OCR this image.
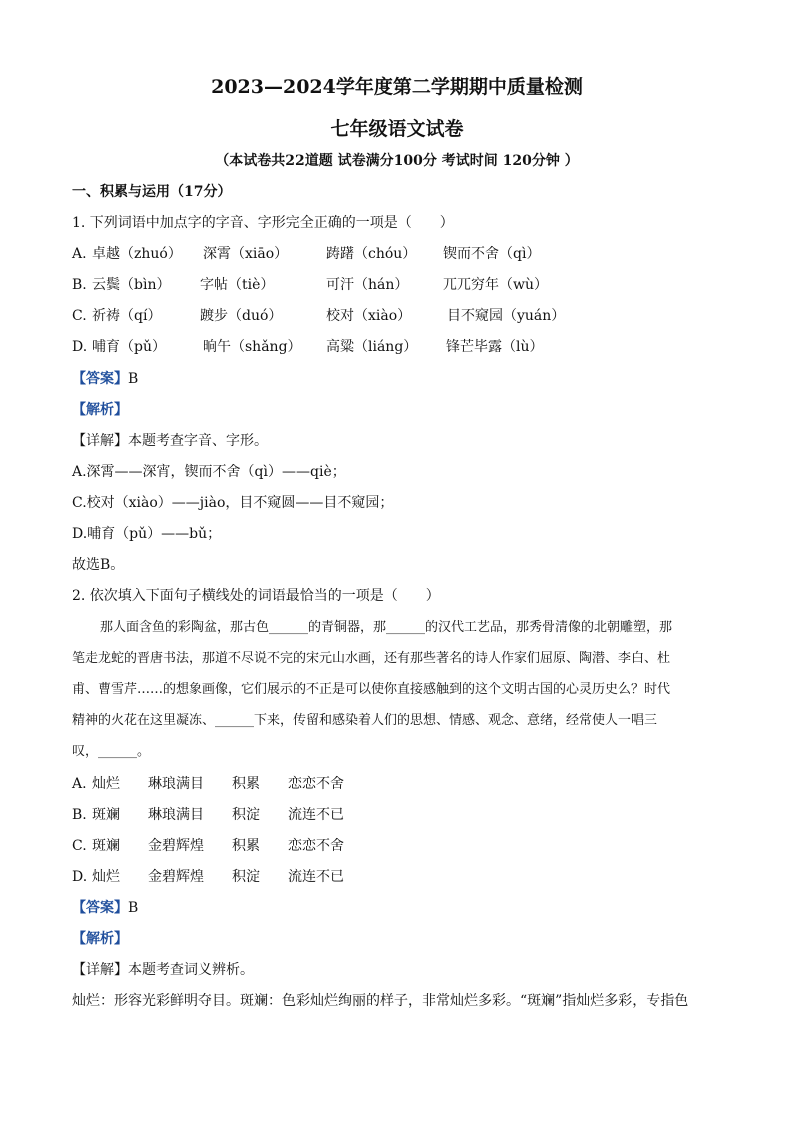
2023—2024学年度第二学期期中质量检测
七年级语文试卷
（本试卷共22道题 试卷满分100分 考试时间 120分钟 ）
一、积累与运用（17分）
1. 下列词语中加点字的字音、字形完全正确的一项是（　　）
A. 卓越（zhuó） 深霄（xiāo）	踌躇（chóu） 锲而不舍（qì）
B. 云鬓（bìn） 字帖（tiè）	可汗（hán） 兀兀穷年（wù）
C. 祈祷（qí）	踱步（duó）	校对（xiào）	目不窥园（yuán）
D. 哺育（pǔ）	晌午（shǎng） 高粱（liáng） 锋芒毕露（lù）
【答案】B
【解析】
【详解】本题考查字音、字形。
A.深霄——深宵，锲而不舍（qì）——qiè；
C.校对（xiào）——jiào，目不窥圆——目不窥园；
D.哺育（pǔ）——bǔ；
故选B。
2. 依次填入下面句子横线处的词语最恰当的一项是（　　）

那人面含鱼的彩陶盆，那古色______的青铜器，那______的汉代工艺品，那秀骨清像的北朝雕塑，那

笔走龙蛇的晋唐书法，那道不尽说不完的宋元山水画，还有那些著名的诗人作家们屈原、陶潜、李白、杜

甫、曹雪芹……的想象画像，它们展示的不正是可以使你直接感触到的这个文明古国的心灵历史么？时代

精神的火花在这里凝冻、______下来，传留和感染着人们的思想、情感、观念、意绪，经常使人一唱三

叹，______。

A. 灿烂 琳琅满目 积累 恋恋不舍
B. 斑斓 琳琅满目 积淀 流连不已
C. 斑斓 金碧辉煌 积累 恋恋不舍
D. 灿烂 金碧辉煌 积淀 流连不已
【答案】B
【解析】
【详解】本题考查词义辨析。
灿烂：形容光彩鲜明夺目。斑斓：色彩灿烂绚丽的样子，非常灿烂多彩。“斑斓”指灿烂多彩，专指色
